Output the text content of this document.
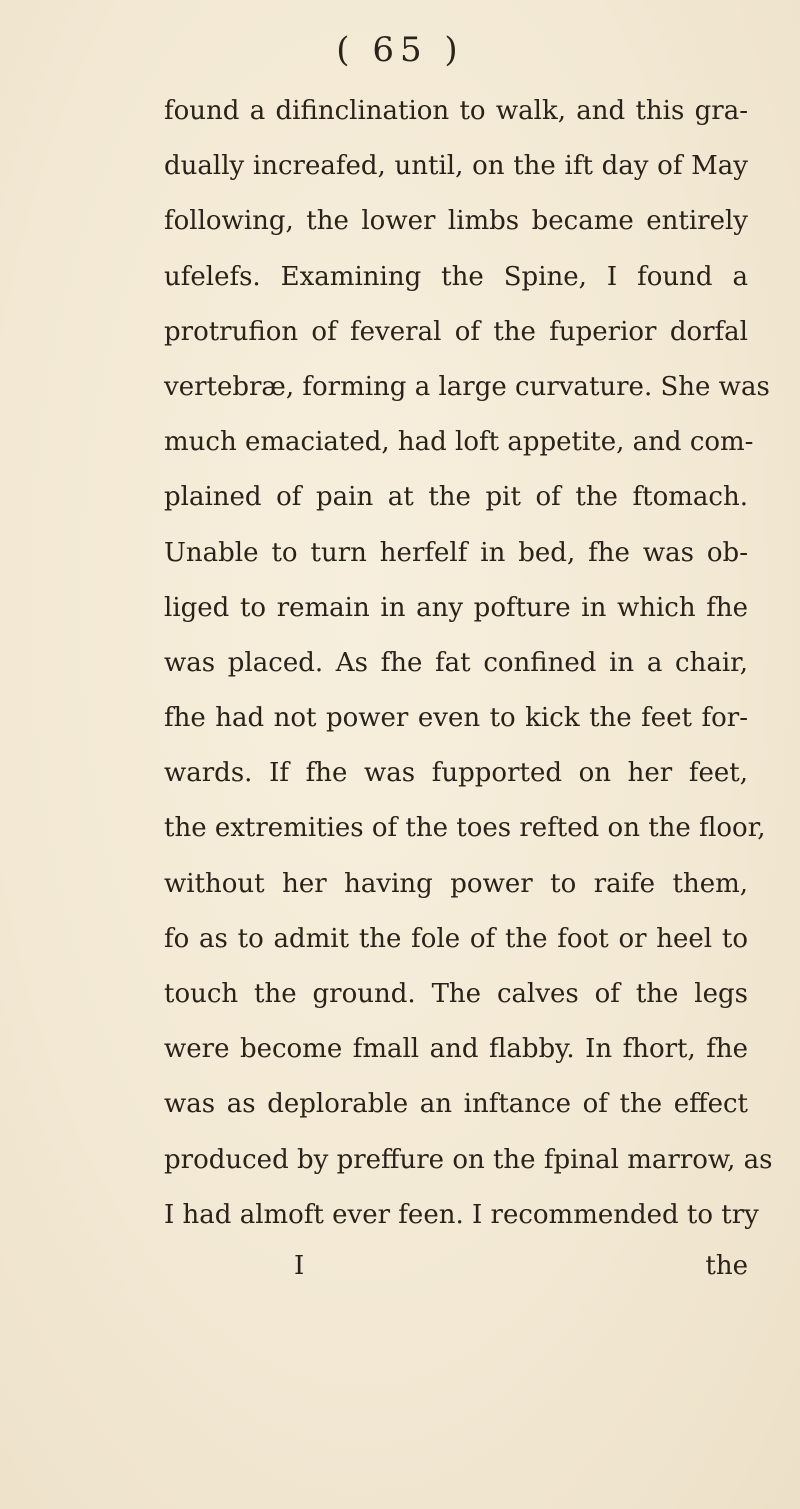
( 65 )
found a difinclination to walk, and this gra-
dually increafed, until, on the ift day of May
following, the lower limbs became entirely
ufelefs. Examining the Spine, I found a
protrufion of feveral of the fuperior dorfal
vertebræ, forming a large curvature. She was
much emaciated, had loft appetite, and com-
plained of pain at the pit of the ftomach.
Unable to turn herfelf in bed, fhe was ob-
liged to remain in any pofture in which fhe
was placed. As fhe fat confined in a chair,
fhe had not power even to kick the feet for-
wards. If fhe was fupported on her feet,
the extremities of the toes refted on the floor,
without her having power to raife them,
fo as to admit the fole of the foot or heel to
touch the ground. The calves of the legs
were become fmall and flabby. In fhort, fhe
was as deplorable an inftance of the effect
produced by preffure on the fpinal marrow, as
I had almoft ever feen. I recommended to try
I	the
